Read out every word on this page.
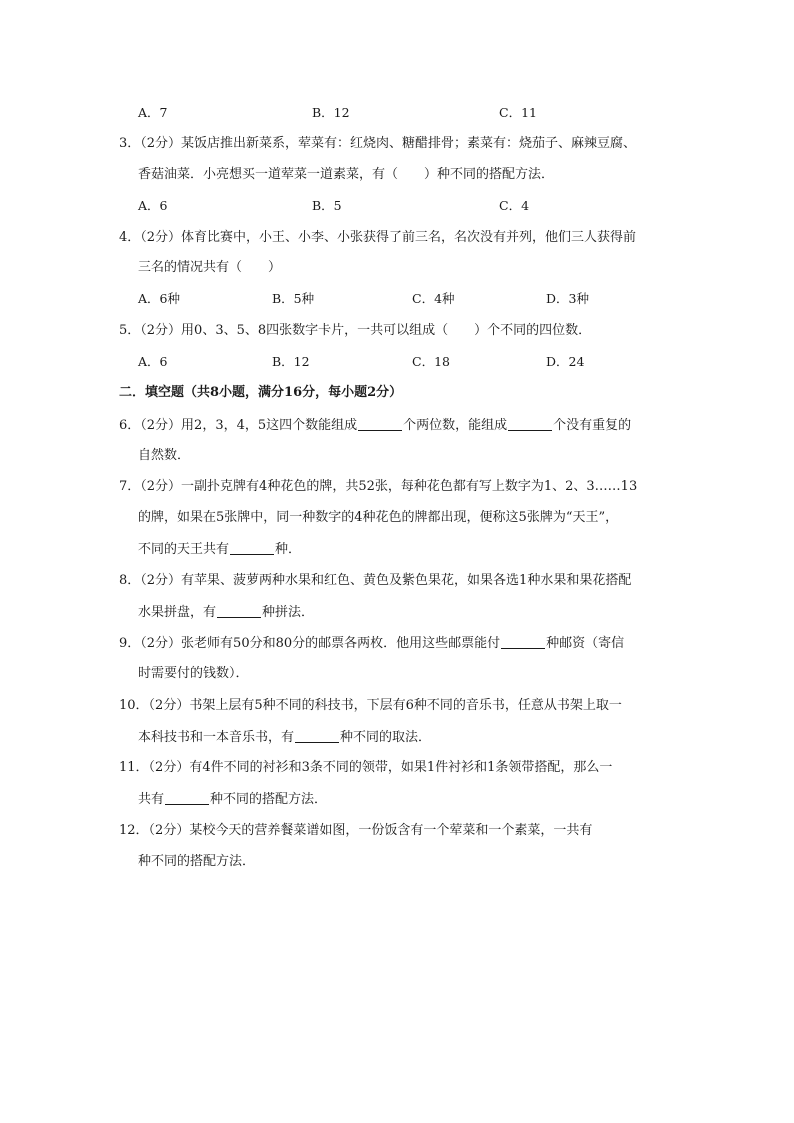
A．7	B．12	C．11
3．（2分）某饭店推出新菜系，荤菜有：红烧肉、糖醋排骨；素菜有：烧茄子、麻辣豆腐、
香菇油菜．小亮想买一道荤菜一道素菜，有（　　）种不同的搭配方法．
A．6	B．5	C．4
4．（2分）体育比赛中，小王、小李、小张获得了前三名，名次没有并列，他们三人获得前
三名的情况共有（　　）
A．6种	B．5种	C．4种	D．3种
5．（2分）用0、3、5、8四张数字卡片，一共可以组成（　　）个不同的四位数．
A．6	B．12	C．18	D．24
二．填空题（共8小题，满分16分，每小题2分）
6．（2分）用2，3，4，5这四个数能组成	个两位数，能组成	个没有重复的
自然数．
7．（2分）一副扑克牌有4种花色的牌，共52张，每种花色都有写上数字为1、2、3……13
的牌，如果在5张牌中，同一种数字的4种花色的牌都出现，便称这5张牌为“天王”，
不同的天王共有	种．
8．（2分）有苹果、菠萝两种水果和红色、黄色及紫色果花，如果各选1种水果和果花搭配
水果拼盘，有	种拼法．
9．（2分）张老师有50分和80分的邮票各两枚．他用这些邮票能付	种邮资（寄信
时需要付的钱数）．
10．（2分）书架上层有5种不同的科技书，下层有6种不同的音乐书，任意从书架上取一
本科技书和一本音乐书，有	种不同的取法．
11．（2分）有4件不同的衬衫和3条不同的领带，如果1件衬衫和1条领带搭配，那么一
共有	种不同的搭配方法．
12．（2分）某校今天的营养餐菜谱如图，一份饭含有一个荤菜和一个素菜，一共有
种不同的搭配方法．
